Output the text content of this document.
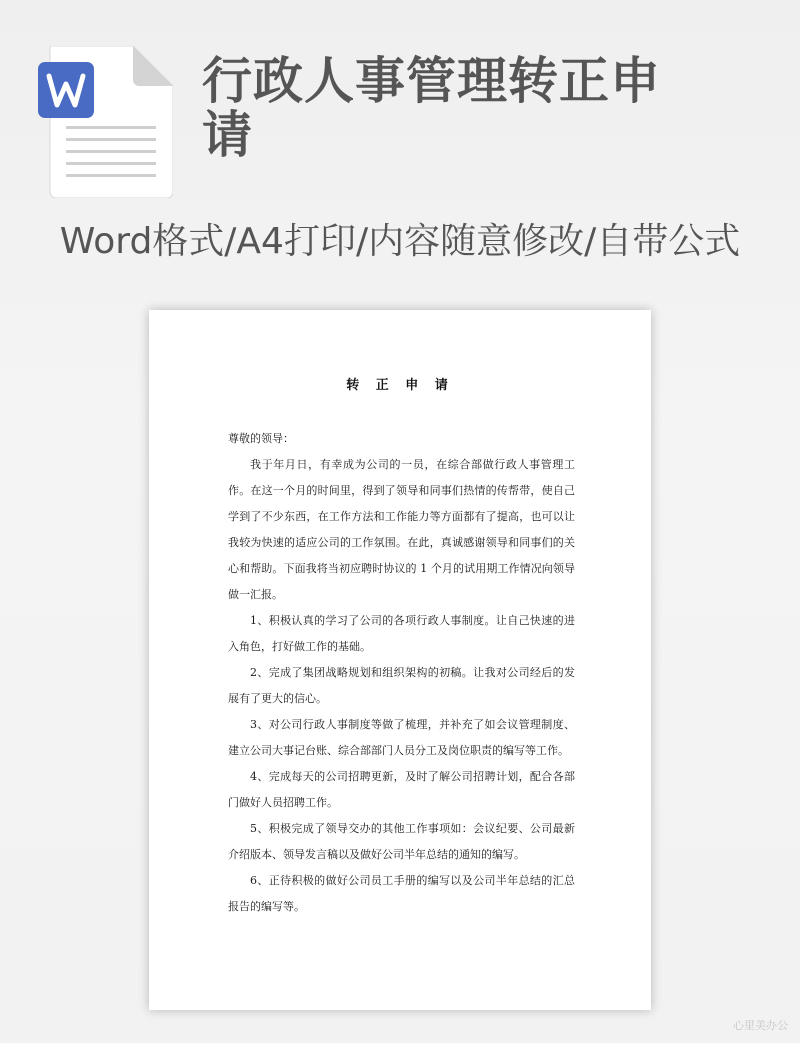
行政人事管理转正申请
Word格式/A4打印/内容随意修改/自带公式
转 正 申 请

尊敬的领导：

我于年月日，有幸成为公司的一员，在综合部做行政人事管理工作。在这一个月的时间里，得到了领导和同事们热情的传帮带，使自己学到了不少东西，在工作方法和工作能力等方面都有了提高，也可以让我较为快速的适应公司的工作氛围。在此，真诚感谢领导和同事们的关心和帮助。下面我将当初应聘时协议的 1 个月的试用期工作情况向领导做一汇报。

1、积极认真的学习了公司的各项行政人事制度。让自己快速的进入角色，打好做工作的基础。

2、完成了集团战略规划和组织架构的初稿。让我对公司经后的发展有了更大的信心。

3、对公司行政人事制度等做了梳理，并补充了如会议管理制度、建立公司大事记台账、综合部部门人员分工及岗位职责的编写等工作。

4、完成每天的公司招聘更新，及时了解公司招聘计划，配合各部门做好人员招聘工作。

5、积极完成了领导交办的其他工作事项如：会议纪要、公司最新介绍版本、领导发言稿以及做好公司半年总结的通知的编写。

6、正待积极的做好公司员工手册的编写以及公司半年总结的汇总报告的编写等。

心里美办公
